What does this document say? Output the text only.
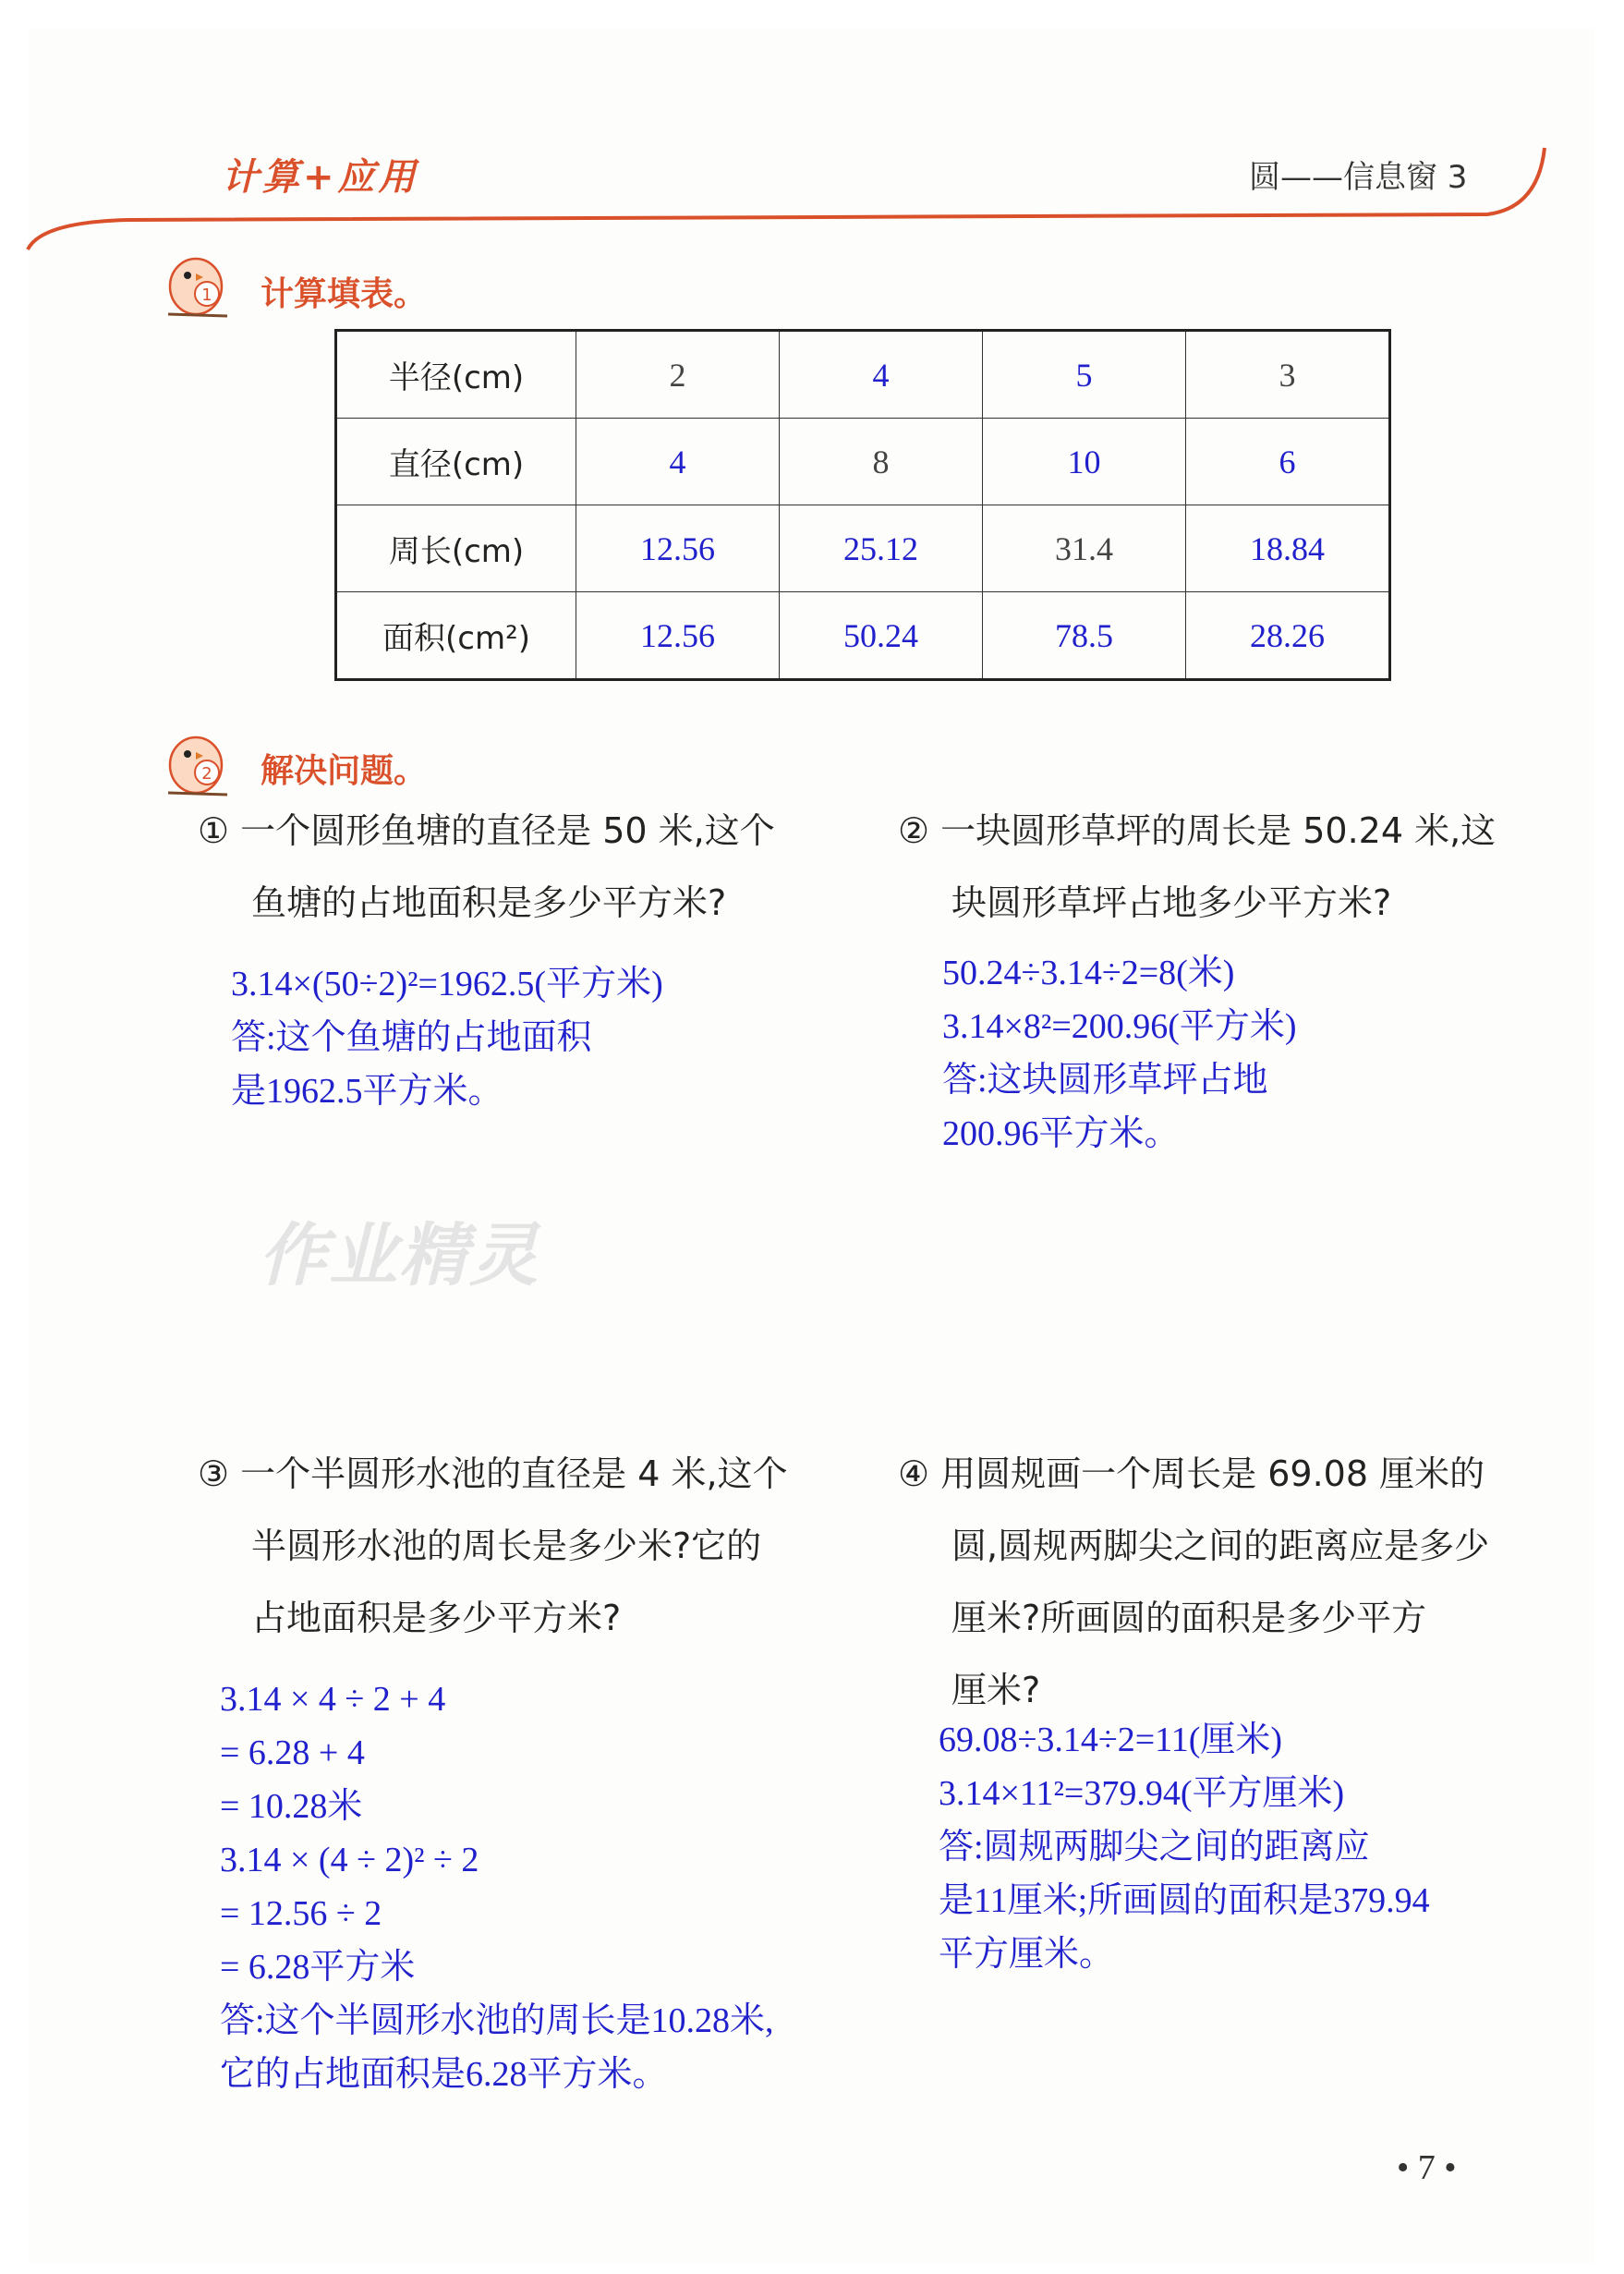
计算+应用	圆——信息窗 3
1 计算填表。
半径(cm)	2	4	5	3
直径(cm)	4	8	10	6
周长(cm)	12.56	25.12	31.4	18.84
面积(cm²)	12.56	50.24	78.5	28.26
2 解决问题。
① 一个圆形鱼塘的直径是 50 米,这个
鱼塘的占地面积是多少平方米?
3.14×(50÷2)²=1962.5(平方米)
答:这个鱼塘的占地面积
是1962.5平方米。
② 一块圆形草坪的周长是 50.24 米,这
块圆形草坪占地多少平方米?
50.24÷3.14÷2=8(米)
3.14×8²=200.96(平方米)
答:这块圆形草坪占地
200.96平方米。
作业精灵
③ 一个半圆形水池的直径是 4 米,这个
半圆形水池的周长是多少米?它的
占地面积是多少平方米?
3.14 × 4 ÷ 2 + 4
= 6.28 + 4
= 10.28米
3.14 × (4 ÷ 2)² ÷ 2
= 12.56 ÷ 2
= 6.28平方米
答:这个半圆形水池的周长是10.28米,
它的占地面积是6.28平方米。
④ 用圆规画一个周长是 69.08 厘米的
圆,圆规两脚尖之间的距离应是多少
厘米?所画圆的面积是多少平方
厘米?
69.08÷3.14÷2=11(厘米)
3.14×11²=379.94(平方厘米)
答:圆规两脚尖之间的距离应
是11厘米;所画圆的面积是379.94
平方厘米。
• 7 •
